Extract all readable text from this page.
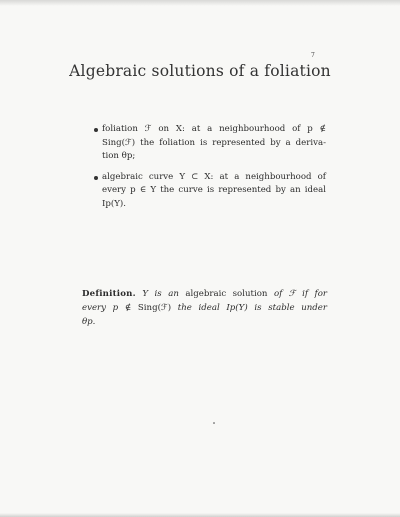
7
Algebraic solutions of a foliation
foliation ℱ on X: at a neighbourhood of p ∉
Sing(ℱ) the foliation is represented by a deriva-
tion θp;
algebraic curve Y ⊂ X: at a neighbourhood of
every p ∈ Y the curve is represented by an ideal
Ip(Y).
Definition. Y is an algebraic solution of ℱ if for
every p ∉ Sing(ℱ) the ideal Ip(Y) is stable under
θp.
